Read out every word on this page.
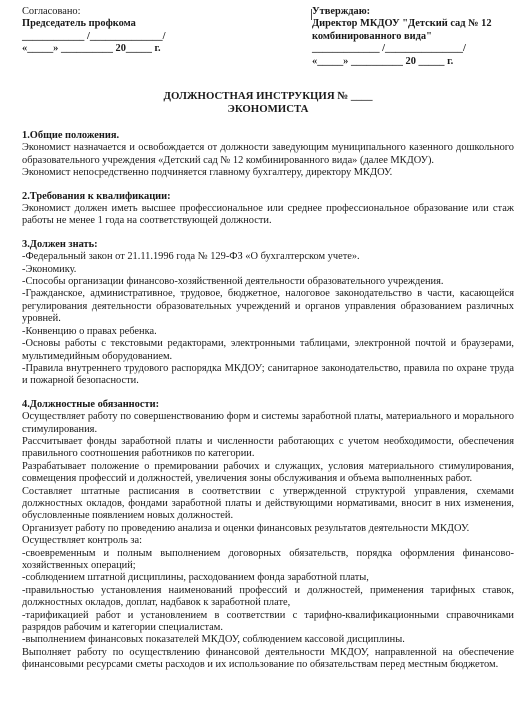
Согласовано:
Председатель профкома
____________ /______________/
«_____» __________ 20_____ г.
Утверждаю:
Директор МКДОУ "Детский сад № 12
комбинированного вида"
_____________ /_______________/
«_____» __________ 20 _____ г.
ДОЛЖНОСТНАЯ ИНСТРУКЦИЯ № ____
ЭКОНОМИСТА
1.Общие положения.

Экономист назначается и освобождается от должности заведующим муниципального казенного дошкольного образовательного учреждения «Детский сад № 12 комбинированного вида» (далее МКДОУ).

Экономист непосредственно подчиняется главному бухгалтеру, директору МКДОУ.

2.Требования к квалификации:

Экономист должен иметь высшее профессиональное или среднее профессиональное образование или стаж работы не менее 1 года на соответствующей должности.

3.Должен знать:

-Федеральный закон от 21.11.1996 года № 129-ФЗ «О бухгалтерском учете».

-Экономику.

-Способы организации финансово-хозяйственной деятельности образовательного учреждения.

-Гражданское, административное, трудовое, бюджетное, налоговое законодательство в части, касающейся регулирования деятельности образовательных учреждений и органов управления образованием различных уровней.

-Конвенцию о правах ребенка.

-Основы работы с текстовыми редакторами, электронными таблицами, электронной почтой и браузерами, мультимедийным оборудованием.

-Правила внутреннего трудового распорядка МКДОУ; санитарное законодательство, правила по охране труда и пожарной безопасности.

4.Должностные обязанности:

Осуществляет работу по совершенствованию форм и системы заработной платы, материального и морального стимулирования.

Рассчитывает фонды заработной платы и численности работающих с учетом необходимости, обеспечения правильного соотношения работников по категории.

Разрабатывает положение о премировании рабочих и служащих, условия материального стимулирования, совмещения профессий и должностей, увеличения зоны обслуживания и объема выполненных работ.

Составляет штатные расписания в соответствии с утвержденной структурой управления, схемами должностных окладов, фондами заработной платы и действующими нормативами, вносит в них изменения, обусловленные появлением новых должностей.

Организует работу по проведению анализа и оценки финансовых результатов деятельности МКДОУ.

Осуществляет контроль за:

-своевременным и полным выполнением договорных обязательств, порядка оформления финансово-хозяйственных операций;

-соблюдением штатной дисциплины, расходованием фонда заработной платы,

-правильностью установления наименований профессий и должностей, применения тарифных ставок, должностных окладов, доплат, надбавок к заработной плате,

-тарификацией работ и установлением в соответствии с тарифно-квалификационными справочниками разрядов рабочим и категории специалистам.

-выполнением финансовых показателей МКДОУ, соблюдением кассовой дисциплины.

Выполняет работу по осуществлению финансовой деятельности МКДОУ, направленной на обеспечение финансовыми ресурсами сметы расходов и их использование по обязательствам перед местным бюджетом.
